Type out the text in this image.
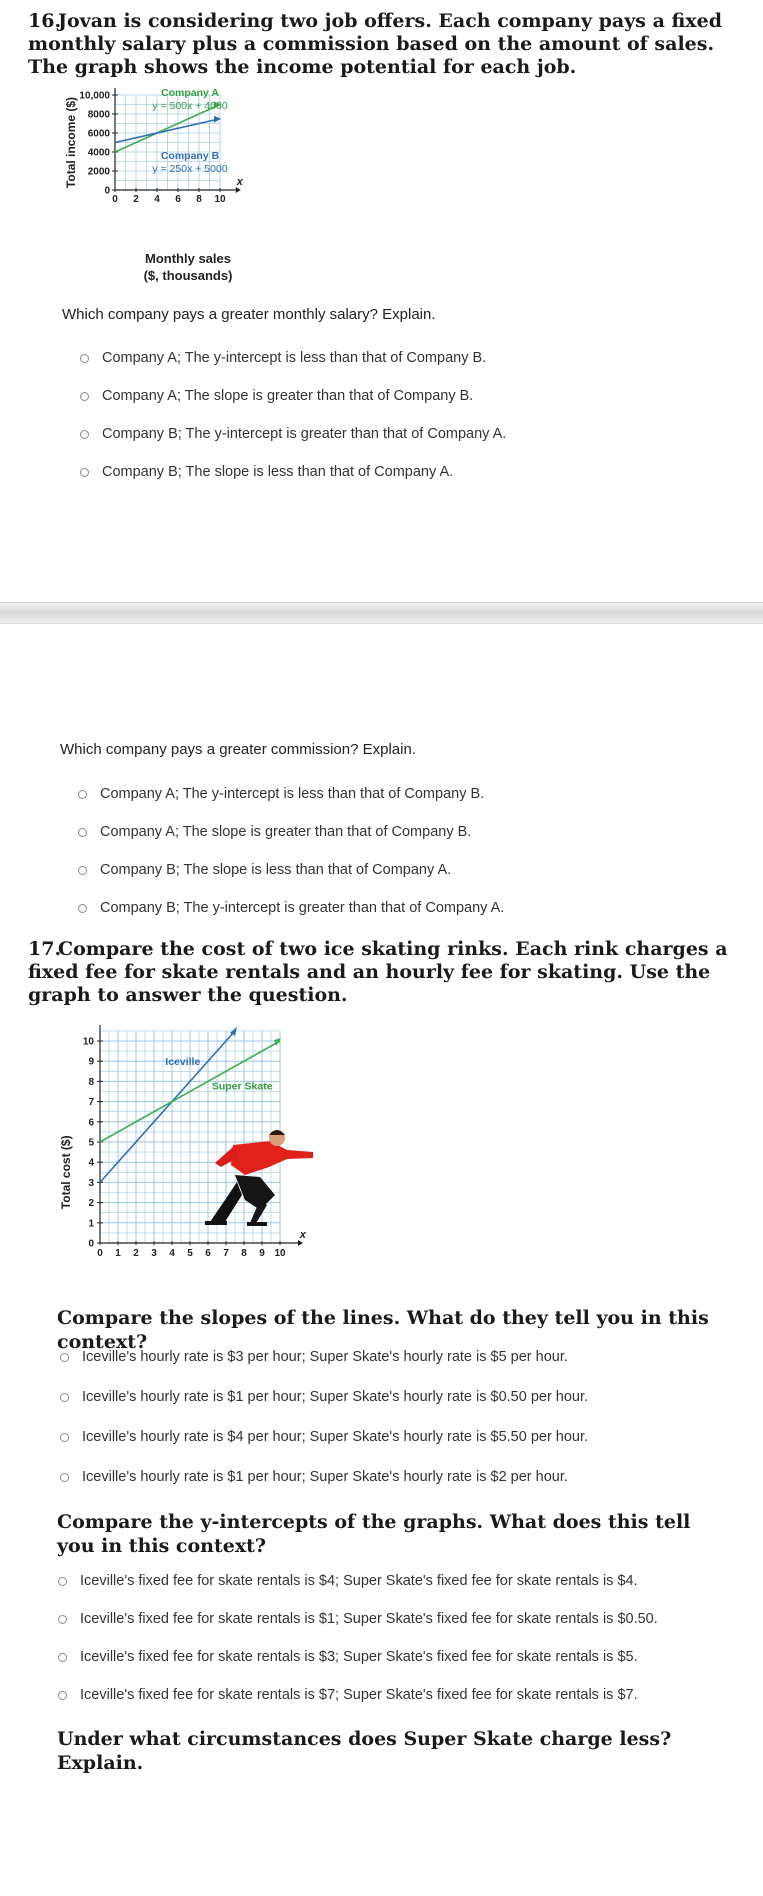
16.Jovan is considering two job offers. Each company pays a fixed monthly salary plus a commission based on the amount of sales. The graph shows the income potential for each job.
0 2 4 6 8 10
0
2000
4000
6000
8000
10,000	Company A
y = 500x + 4000
Company B
y = 250x + 5000
x
Monthly sales
($, thousands)
Total income ($)
Which company pays a greater monthly salary? Explain.
Company A; The y-intercept is less than that of Company B.
Company A; The slope is greater than that of Company B.
Company B; The y-intercept is greater than that of Company A.
Company B; The slope is less than that of Company A.
Which company pays a greater commission? Explain.
Company A; The y-intercept is less than that of Company B.
Company A; The slope is greater than that of Company B.
Company B; The slope is less than that of Company A.
Company B; The y-intercept is greater than that of Company A.
17.Compare the cost of two ice skating rinks. Each rink charges a fixed fee for skate rentals and an hourly fee for skating. Use the graph to answer the question.
0 1 2 3 4 5 6 7 8 9 10
0
1
2
3
4
5
6
7
8
9
10
Iceville
Super Skate
x
Total cost ($)
Compare the slopes of the lines. What do they tell you in this context?
Iceville's hourly rate is $3 per hour; Super Skate's hourly rate is $5 per hour.
Iceville's hourly rate is $1 per hour; Super Skate's hourly rate is $0.50 per hour.
Iceville's hourly rate is $4 per hour; Super Skate's hourly rate is $5.50 per hour.
Iceville's hourly rate is $1 per hour; Super Skate's hourly rate is $2 per hour.
Compare the y-intercepts of the graphs. What does this tell you in this context?
Iceville's fixed fee for skate rentals is $4; Super Skate's fixed fee for skate rentals is $4.
Iceville's fixed fee for skate rentals is $1; Super Skate's fixed fee for skate rentals is $0.50.
Iceville's fixed fee for skate rentals is $3; Super Skate's fixed fee for skate rentals is $5.
Iceville's fixed fee for skate rentals is $7; Super Skate's fixed fee for skate rentals is $7.
Under what circumstances does Super Skate charge less? Explain.
